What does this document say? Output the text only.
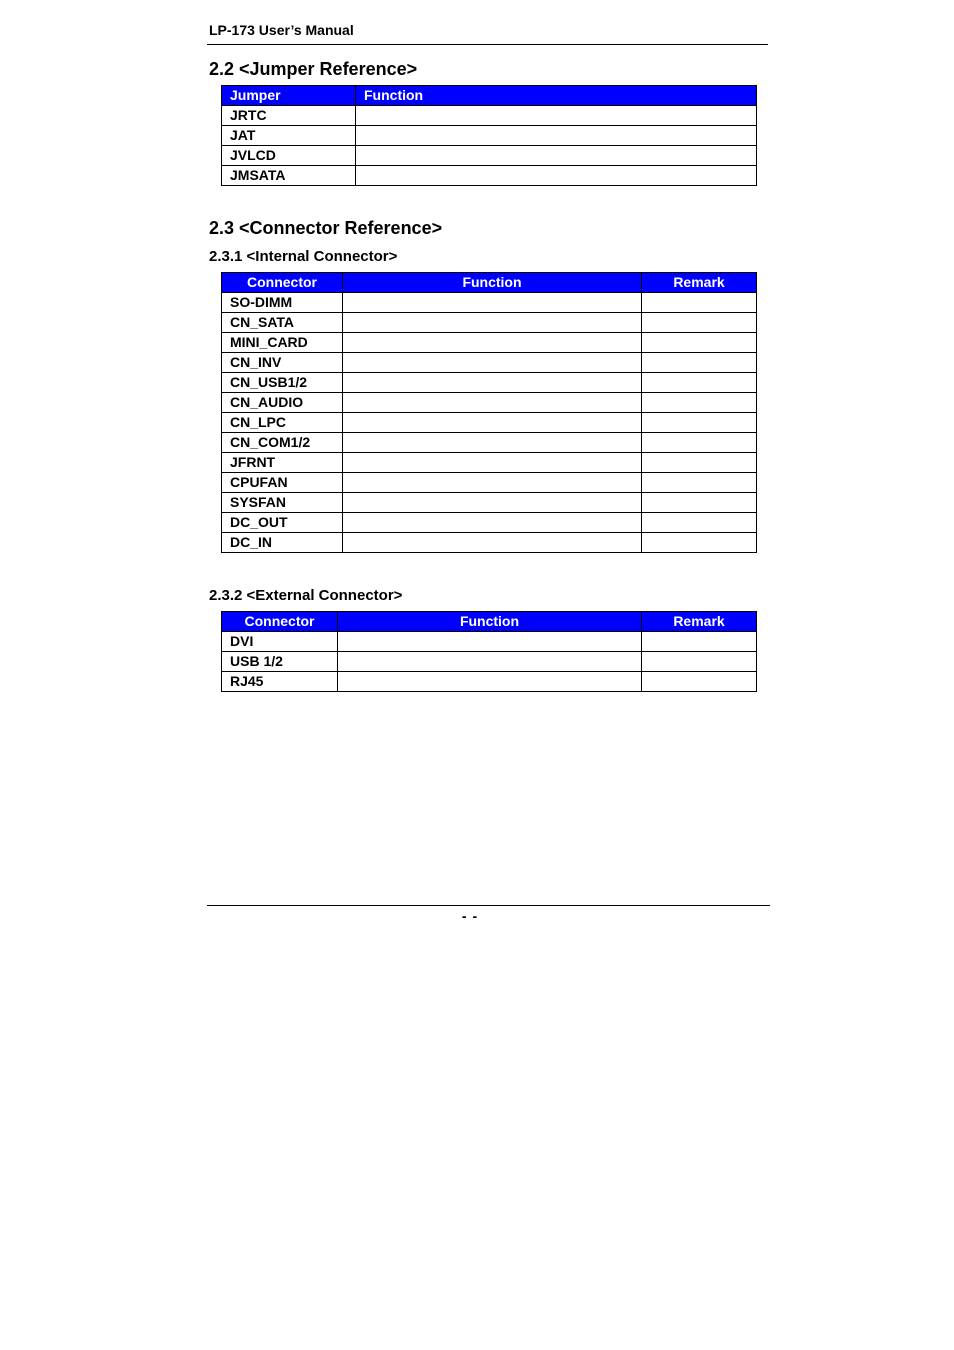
LP-173 User’s Manual
2.2 <Jumper Reference>
Jumper	Function
JRTC	
JAT	
JVLCD	
JMSATA	
2.3 <Connector Reference>
2.3.1 <Internal Connector>
Connector	Function	Remark
SO-DIMM		
CN_SATA		
MINI_CARD		
CN_INV		
CN_USB1/2		
CN_AUDIO		
CN_LPC		
CN_COM1/2		
JFRNT		
CPUFAN		
SYSFAN		
DC_OUT		
DC_IN		
2.3.2 <External Connector>
Connector	Function	Remark
DVI		
USB 1/2		
RJ45		
- -
